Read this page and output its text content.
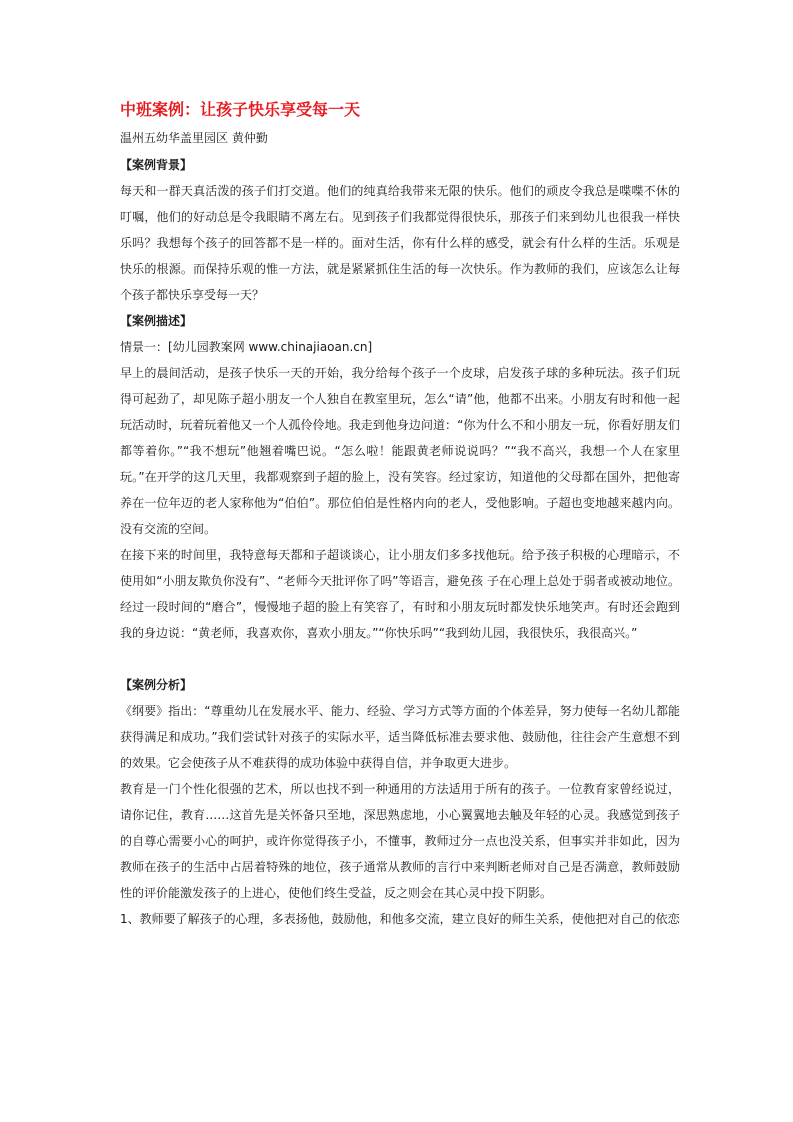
中班案例：让孩子快乐享受每一天

温州五幼华盖里园区 黄仲勤

【案例背景】

每天和一群天真活泼的孩子们打交道。他们的纯真给我带来无限的快乐。他们的顽皮令我总是喋喋不休的叮嘱，他们的好动总是令我眼睛不离左右。见到孩子们我都觉得很快乐，那孩子们来到幼儿也很我一样快乐吗？我想每个孩子的回答都不是一样的。面对生活，你有什么样的感受，就会有什么样的生活。乐观是快乐的根源。而保持乐观的惟一方法，就是紧紧抓住生活的每一次快乐。作为教师的我们，应该怎么让每个孩子都快乐享受每一天？

【案例描述】

情景一：[幼儿园教案网 www.chinajiaoan.cn]

早上的晨间活动，是孩子快乐一天的开始，我分给每个孩子一个皮球，启发孩子球的多种玩法。孩子们玩得可起劲了，却见陈子超小朋友一个人独自在教室里玩，怎么“请”他，他都不出来。小朋友有时和他一起玩活动时，玩着玩着他又一个人孤伶伶地。我走到他身边问道：“你为什么不和小朋友一玩，你看好朋友们都等着你。”“我不想玩”他翘着嘴巴说。“怎么啦！能跟黄老师说说吗？”“我不高兴，我想一个人在家里玩。”在开学的这几天里，我都观察到子超的脸上，没有笑容。经过家访，知道他的父母都在国外，把他寄养在一位年迈的老人家称他为“伯伯”。那位伯伯是性格内向的老人，受他影响。子超也变地越来越内向。没有交流的空间。

在接下来的时间里，我特意每天都和子超谈谈心，让小朋友们多多找他玩。给予孩子积极的心理暗示，不使用如“小朋友欺负你没有”、“老师今天批评你了吗”等语言，避免孩 子在心理上总处于弱者或被动地位。经过一段时间的“磨合”，慢慢地子超的脸上有笑容了，有时和小朋友玩时都发快乐地笑声。有时还会跑到我的身边说：“黄老师，我喜欢你，喜欢小朋友。”“你快乐吗”“我到幼儿园，我很快乐，我很高兴。”

【案例分析】

《纲要》指出：“尊重幼儿在发展水平、能力、经验、学习方式等方面的个体差异，努力使每一名幼儿都能获得满足和成功。”我们尝试针对孩子的实际水平，适当降低标准去要求他、鼓励他，往往会产生意想不到的效果。它会使孩子从不难获得的成功体验中获得自信，并争取更大进步。

教育是一门个性化很强的艺术，所以也找不到一种通用的方法适用于所有的孩子。一位教育家曾经说过，请你记住，教育……这首先是关怀备只至地，深思熟虑地，小心翼翼地去触及年轻的心灵。我感觉到孩子的自尊心需要小心的呵护，或许你觉得孩子小，不懂事，教师过分一点也没关系，但事实并非如此，因为教师在孩子的生活中占居着特殊的地位，孩子通常从教师的言行中来判断老师对自己是否满意，教师鼓励性的评价能激发孩子的上进心，使他们终生受益，反之则会在其心灵中投下阴影。

1、教师要了解孩子的心理，多表扬他，鼓励他，和他多交流，建立良好的师生关系，使他把对自己的依恋
